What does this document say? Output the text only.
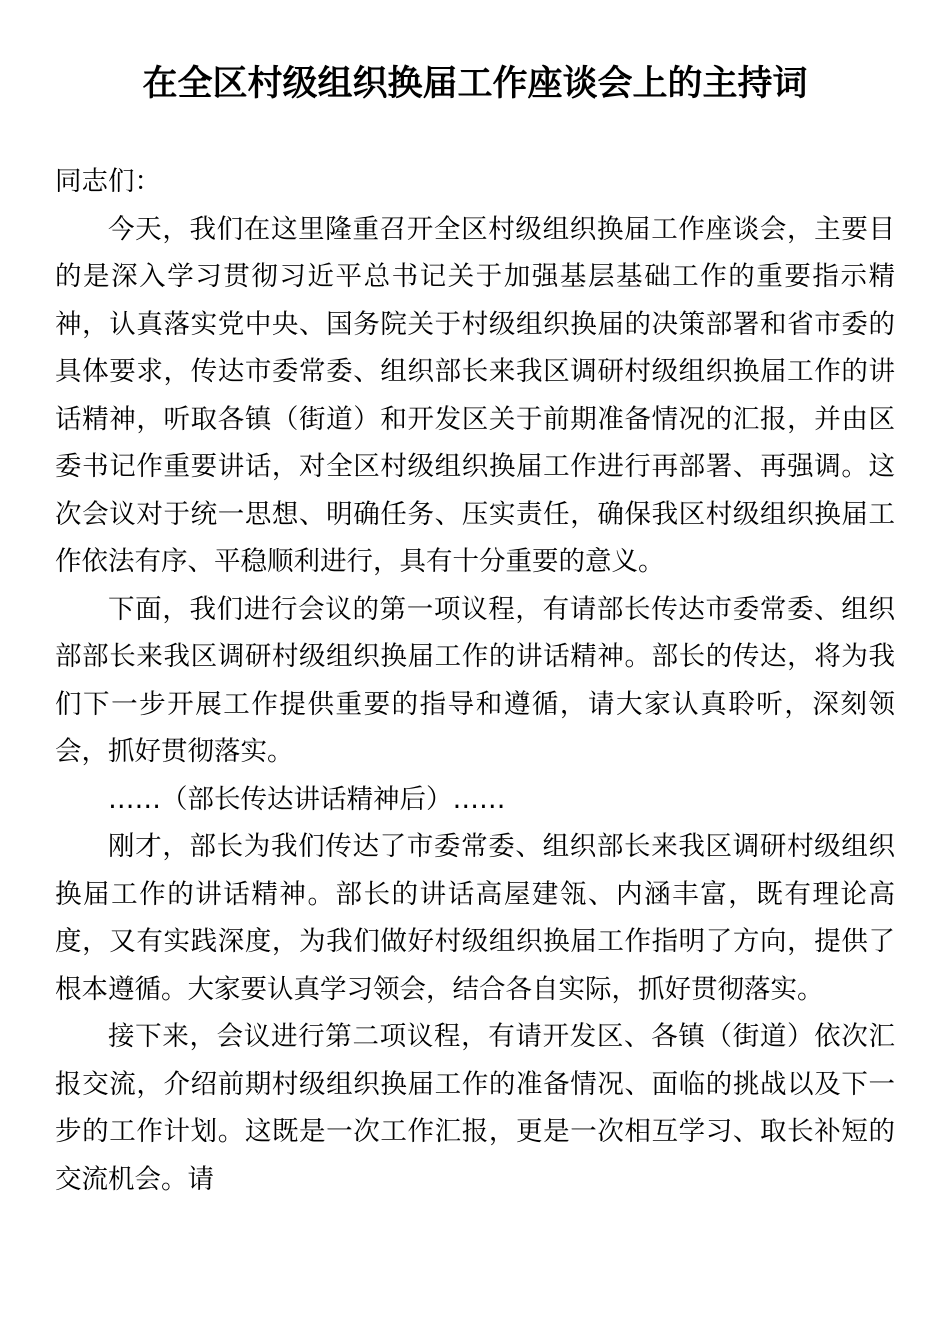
在全区村级组织换届工作座谈会上的主持词

同志们：

今天，我们在这里隆重召开全区村级组织换届工作座谈会，主要目的是深入学习贯彻习近平总书记关于加强基层基础工作的重要指示精神，认真落实党中央、国务院关于村级组织换届的决策部署和省市委的具体要求，传达市委常委、组织部长来我区调研村级组织换届工作的讲话精神，听取各镇（街道）和开发区关于前期准备情况的汇报，并由区委书记作重要讲话，对全区村级组织换届工作进行再部署、再强调。这次会议对于统一思想、明确任务、压实责任，确保我区村级组织换届工作依法有序、平稳顺利进行，具有十分重要的意义。

下面，我们进行会议的第一项议程，有请部长传达市委常委、组织部部长来我区调研村级组织换届工作的讲话精神。部长的传达，将为我们下一步开展工作提供重要的指导和遵循，请大家认真聆听，深刻领会，抓好贯彻落实。

……（部长传达讲话精神后）……

刚才，部长为我们传达了市委常委、组织部长来我区调研村级组织换届工作的讲话精神。部长的讲话高屋建瓴、内涵丰富，既有理论高度，又有实践深度，为我们做好村级组织换届工作指明了方向，提供了根本遵循。大家要认真学习领会，结合各自实际，抓好贯彻落实。

接下来，会议进行第二项议程，有请开发区、各镇（街道）依次汇报交流，介绍前期村级组织换届工作的准备情况、面临的挑战以及下一步的工作计划。这既是一次工作汇报，更是一次相互学习、取长补短的交流机会。请
